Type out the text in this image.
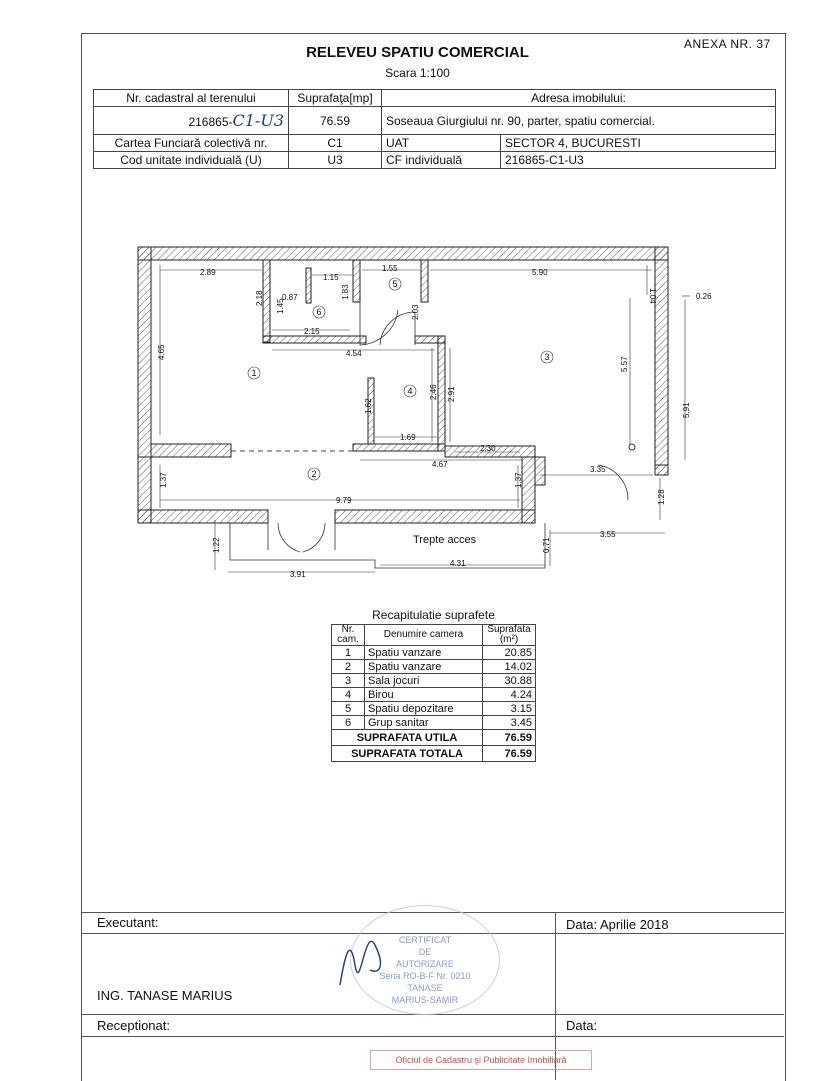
ANEXA NR. 37
RELEVEU SPATIU COMERCIAL
Scara 1:100
Nr. cadastral al terenului	Suprafaţa[mp]	Adresa imobilului:	
216865-C1-U3	76.59	Soseaua Giurgiului nr. 90, parter, spatiu comercial.	
Cartea Funciară colectivă nr.	C1	UAT	SECTOR 4, BUCURESTI
Cod unitate individuală (U)	U3	CF individuală	216865-C1-U3
2.89
1.15
1.55	5.90
1.04	0.26
0.87
2.18
1.45
1.83
2.03
2.15
4.54
4.65
5.57
5.91
1.62
2.46 2.91
1.69
2.30
4.67
3.35
1.37	1.37
9.79	1.28
3.55
0.71
1.22
4.31
3.91
1
2
3
4
5
6
Trepte acces
Recapitulatie suprafete
Nr. cam.	Denumire camera	Suprafata (m²)
1	Spatiu vanzare	20.85
2	Spatiu vanzare	14.02
3	Sala jocuri	30.88
4	Birou	4.24
5	Spatiu depozitare	3.15
6	Grup sanitar	3.45
SUPRAFATA UTILA		76.59
SUPRAFATA TOTALA		76.59
Executant:	Data: Aprilie 2018
ING. TANASE MARIUS
Receptionat:	Data:
CERTIFICAT
DE
AUTORIZARE
Seria RO-B-F Nr. 0210
TANASE
MARIUS-SAMIR
Oficiul de Cadastru şi Publicitate Imobiliară
